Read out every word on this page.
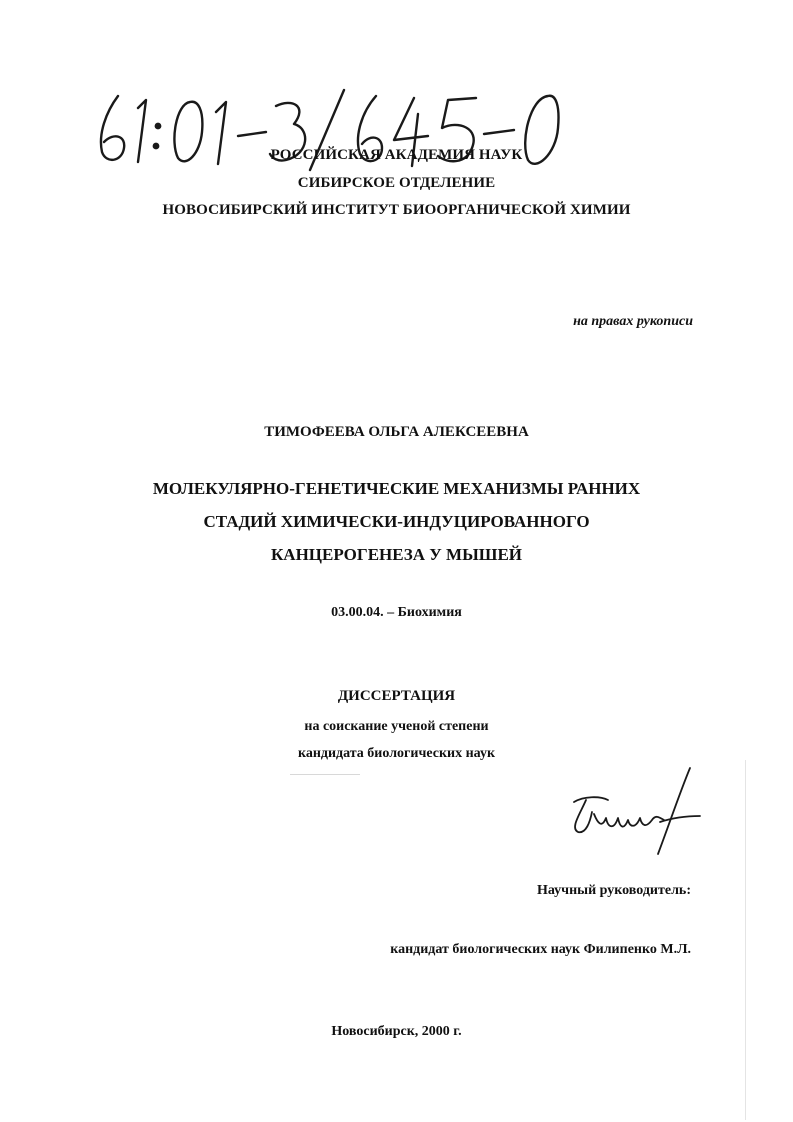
РОССИЙСКАЯ АКАДЕМИЯ НАУК
СИБИРСКОЕ ОТДЕЛЕНИЕ
НОВОСИБИРСКИЙ ИНСТИТУТ БИООРГАНИЧЕСКОЙ ХИМИИ
на правах рукописи
ТИМОФЕЕВА ОЛЬГА АЛЕКСЕЕВНА
МОЛЕКУЛЯРНО-ГЕНЕТИЧЕСКИЕ МЕХАНИЗМЫ РАННИХ
СТАДИЙ ХИМИЧЕСКИ-ИНДУЦИРОВАННОГО
КАНЦЕРОГЕНЕЗА У МЫШЕЙ
03.00.04. – Биохимия
ДИССЕРТАЦИЯ
на соискание ученой степени
кандидата биологических наук
Научный руководитель:
кандидат биологических наук Филипенко М.Л.
Новосибирск, 2000 г.
